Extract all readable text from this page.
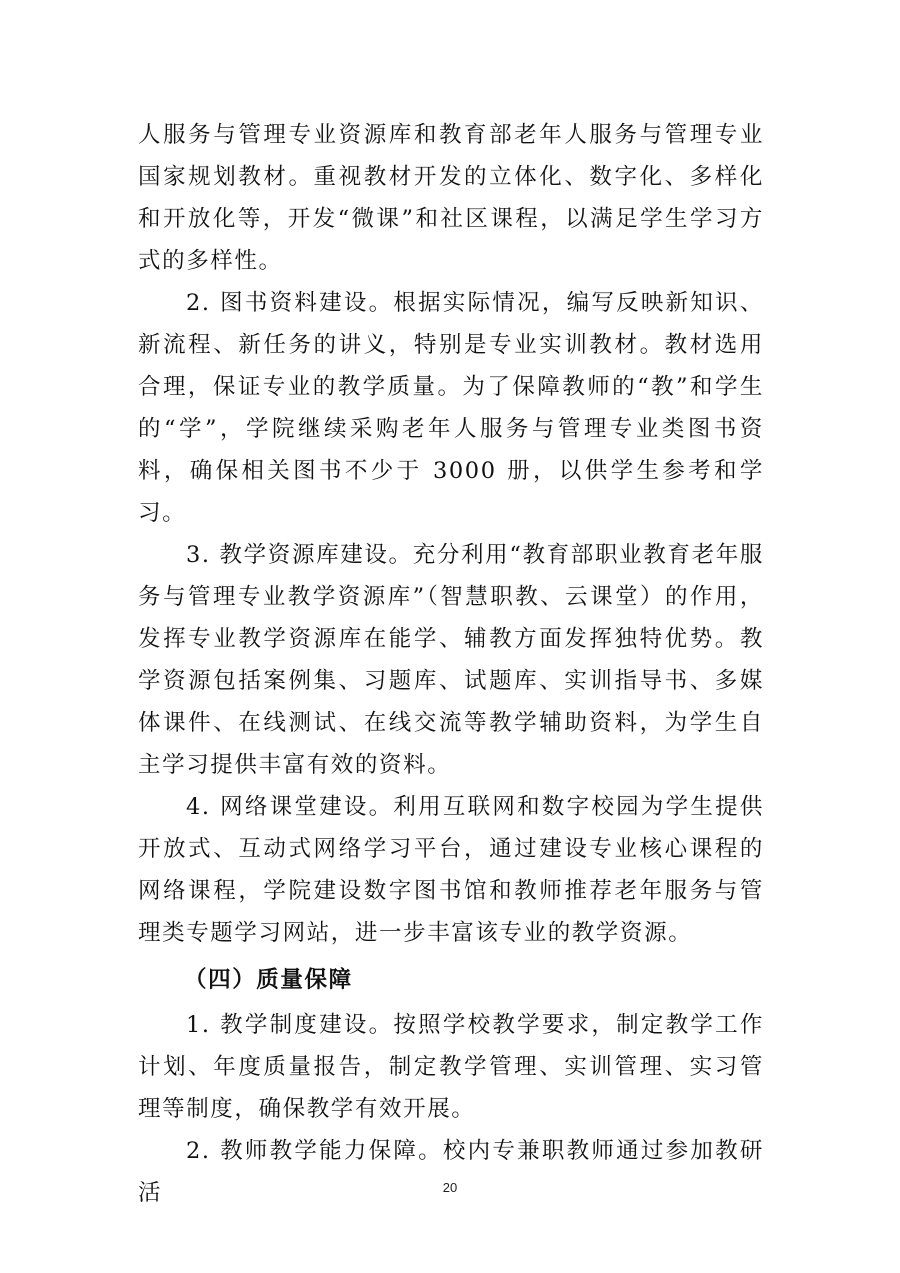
人服务与管理专业资源库和教育部老年人服务与管理专业国家规划教材。重视教材开发的立体化、数字化、多样化和开放化等，开发“微课”和社区课程，以满足学生学习方式的多样性。

2. 图书资料建设。根据实际情况，编写反映新知识、新流程、新任务的讲义，特别是专业实训教材。教材选用合理，保证专业的教学质量。为了保障教师的“教”和学生的“学”，学院继续采购老年人服务与管理专业类图书资料，确保相关图书不少于 3000 册，以供学生参考和学习。

3. 教学资源库建设。充分利用“教育部职业教育老年服务与管理专业教学资源库”（智慧职教、云课堂）的作用，发挥专业教学资源库在能学、辅教方面发挥独特优势。教学资源包括案例集、习题库、试题库、实训指导书、多媒体课件、在线测试、在线交流等教学辅助资料，为学生自主学习提供丰富有效的资料。

4. 网络课堂建设。利用互联网和数字校园为学生提供开放式、互动式网络学习平台，通过建设专业核心课程的网络课程，学院建设数字图书馆和教师推荐老年服务与管理类专题学习网站，进一步丰富该专业的教学资源。

（四）质量保障

1. 教学制度建设。按照学校教学要求，制定教学工作计划、年度质量报告，制定教学管理、实训管理、实习管理等制度，确保教学有效开展。

2. 教师教学能力保障。校内专兼职教师通过参加教研活	20
